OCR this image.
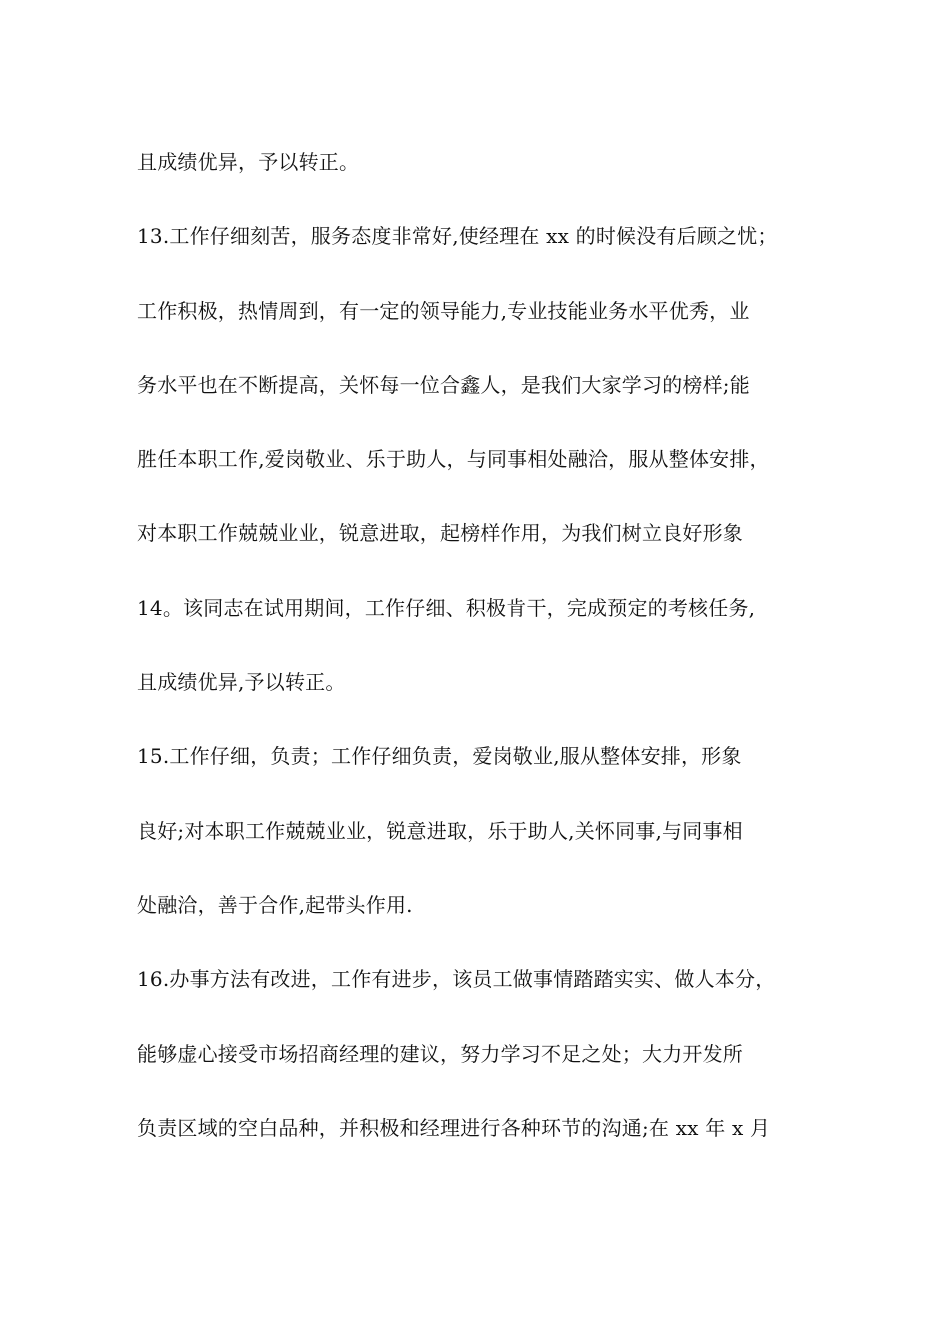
且成绩优异，予以转正。
13.工作仔细刻苦，服务态度非常好,使经理在 xx 的时候没有后顾之忧；
工作积极，热情周到，有一定的领导能力,专业技能业务水平优秀，业
务水平也在不断提高，关怀每一位合鑫人，是我们大家学习的榜样;能
胜任本职工作,爱岗敬业、乐于助人，与同事相处融洽，服从整体安排，
对本职工作兢兢业业，锐意进取，起榜样作用，为我们树立良好形象
14。该同志在试用期间，工作仔细、积极肯干，完成预定的考核任务,
且成绩优异,予以转正。
15.工作仔细，负责；工作仔细负责，爱岗敬业,服从整体安排，形象
良好;对本职工作兢兢业业，锐意进取，乐于助人,关怀同事,与同事相
处融洽，善于合作,起带头作用.
16.办事方法有改进，工作有进步，该员工做事情踏踏实实、做人本分，
能够虚心接受市场招商经理的建议，努力学习不足之处；大力开发所
负责区域的空白品种，并积极和经理进行各种环节的沟通;在 xx 年 x 月
